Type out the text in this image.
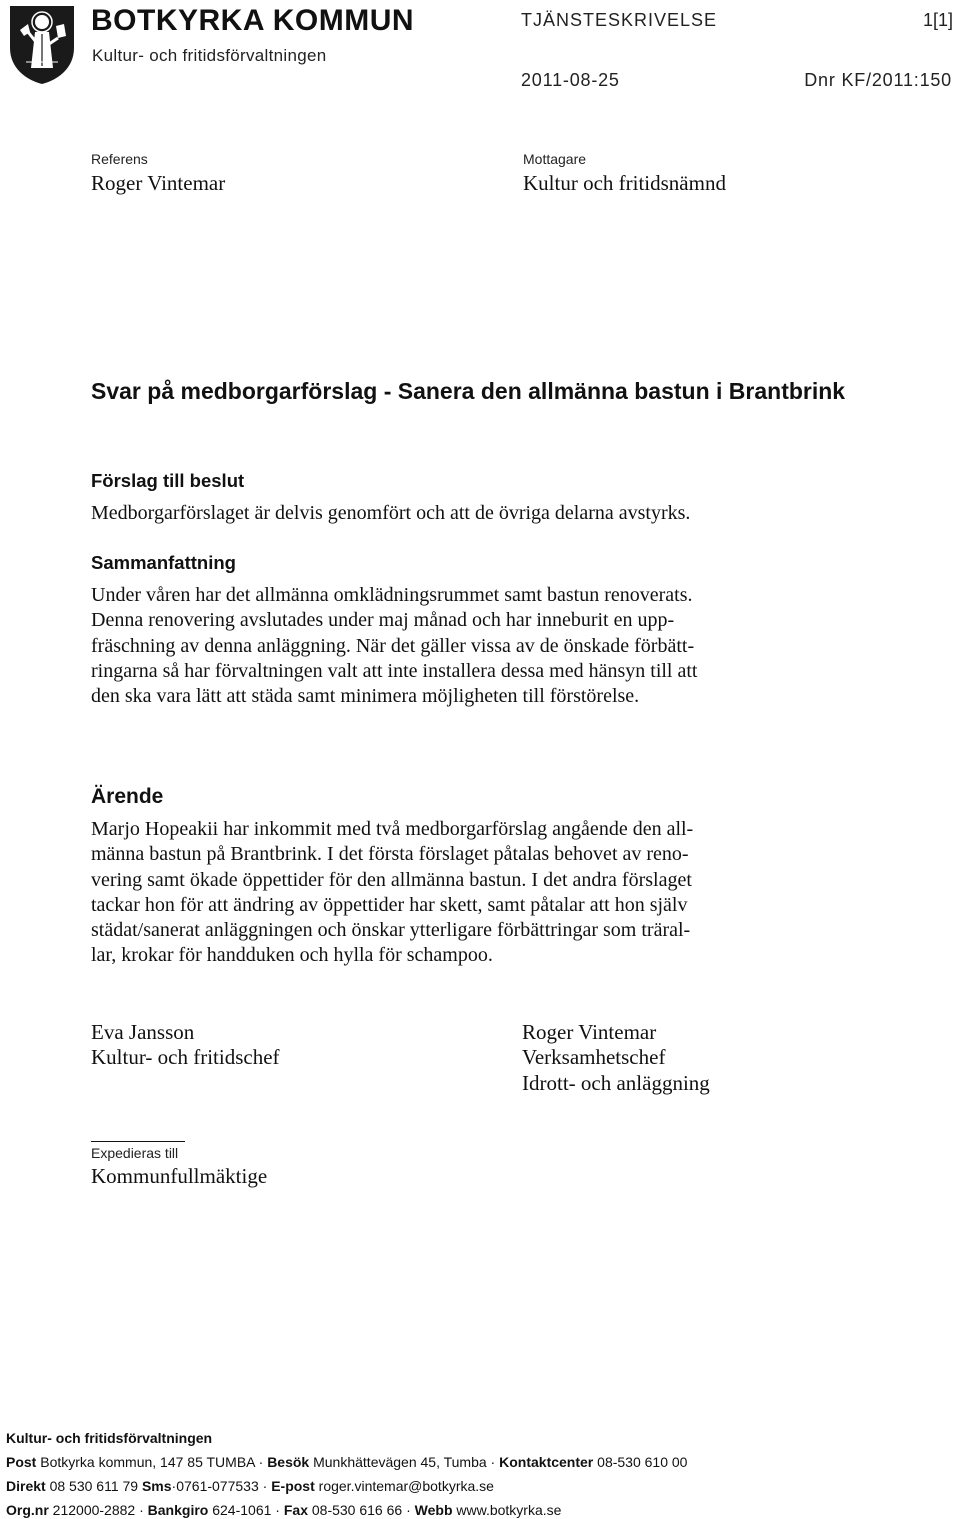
BOTKYRKA KOMMUN
Kultur- och fritidsförvaltningen
TJÄNSTESKRIVELSE	1[1]
2011-08-25	Dnr KF/2011:150
Referens
Roger Vintemar
Mottagare
Kultur och fritidsnämnd
Svar på medborgarförslag - Sanera den allmänna bastun i Brantbrink
Förslag till beslut
Medborgarförslaget är delvis genomfört och att de övriga delarna avstyrks.
Sammanfattning
Under våren har det allmänna omklädningsrummet samt bastun renoverats.
Denna renovering avslutades under maj månad och har inneburit en upp-
fräschning av denna anläggning. När det gäller vissa av de önskade förbätt-
ringarna så har förvaltningen valt att inte installera dessa med hänsyn till att
den ska vara lätt att städa samt minimera möjligheten till förstörelse.
Ärende
Marjo Hopeakii har inkommit med två medborgarförslag angående den all-
männa bastun på Brantbrink. I det första förslaget påtalas behovet av reno-
vering samt ökade öppettider för den allmänna bastun. I det andra förslaget
tackar hon för att ändring av öppettider har skett, samt påtalar att hon själv
städat/sanerat anläggningen och önskar ytterligare förbättringar som träral-
lar, krokar för handduken och hylla för schampoo.
Eva Jansson
Kultur- och fritidschef
Roger Vintemar
Verksamhetschef
Idrott- och anläggning
Expedieras till
Kommunfullmäktige
Kultur- och fritidsförvaltningen
Post Botkyrka kommun, 147 85 TUMBA · Besök Munkhättevägen 45, Tumba · Kontaktcenter 08-530 610 00
Direkt 08 530 611 79 Sms·0761-077533 · E-post roger.vintemar@botkyrka.se
Org.nr 212000-2882 · Bankgiro 624-1061 · Fax 08-530 616 66 · Webb www.botkyrka.se
